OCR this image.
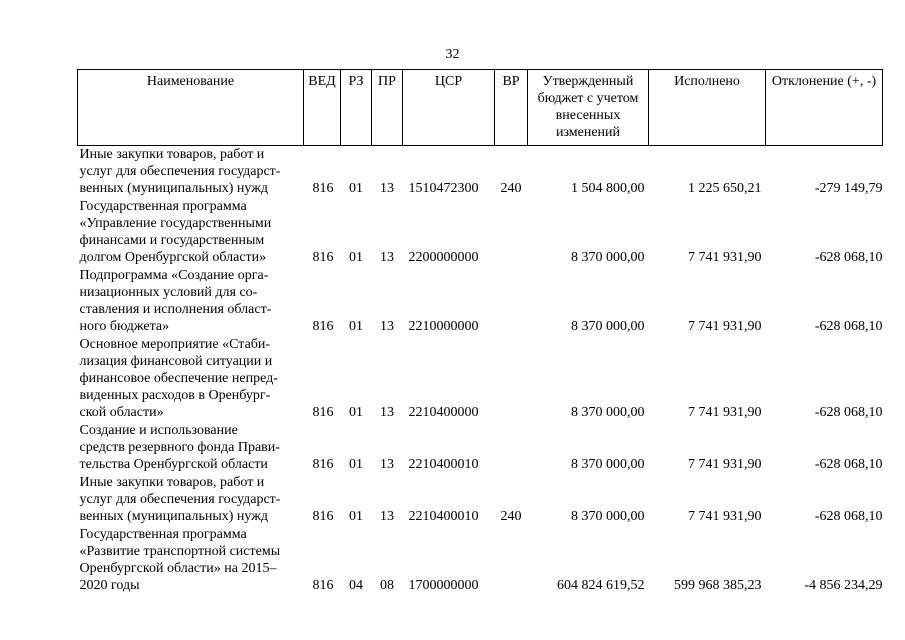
32
Наименование	ВЕД	РЗ	ПР	ЦСР	ВР	Утвержденный бюджет с учетом внесенных изменений	Исполнено	Отклонение (+, -)

Иные закупки товаров, работ и
услуг для обеспечения государст-
венных (муниципальных) нужд	816	01	13	1510472300	240	1 504 800,00	1 225 650,21	-279 149,79

Государственная программа
«Управление государственными
финансами и государственным
долгом Оренбургской области»	816	01	13	2200000000		8 370 000,00	7 741 931,90	-628 068,10

Подпрограмма «Создание орга-
низационных условий для со-
ставления и исполнения област-
ного бюджета»	816	01	13	2210000000		8 370 000,00	7 741 931,90	-628 068,10

Основное мероприятие «Стаби-
лизация финансовой ситуации и
финансовое обеспечение непред-
виденных расходов в Оренбург-
ской области»	816	01	13	2210400000		8 370 000,00	7 741 931,90	-628 068,10

Создание и использование
средств резервного фонда Прави-
тельства Оренбургской области	816	01	13	2210400010		8 370 000,00	7 741 931,90	-628 068,10

Иные закупки товаров, работ и
услуг для обеспечения государст-
венных (муниципальных) нужд	816	01	13	2210400010	240	8 370 000,00	7 741 931,90	-628 068,10

Государственная программа
«Развитие транспортной системы
Оренбургской области» на 2015–
2020 годы	816	04	08	1700000000		604 824 619,52	599 968 385,23	-4 856 234,29
